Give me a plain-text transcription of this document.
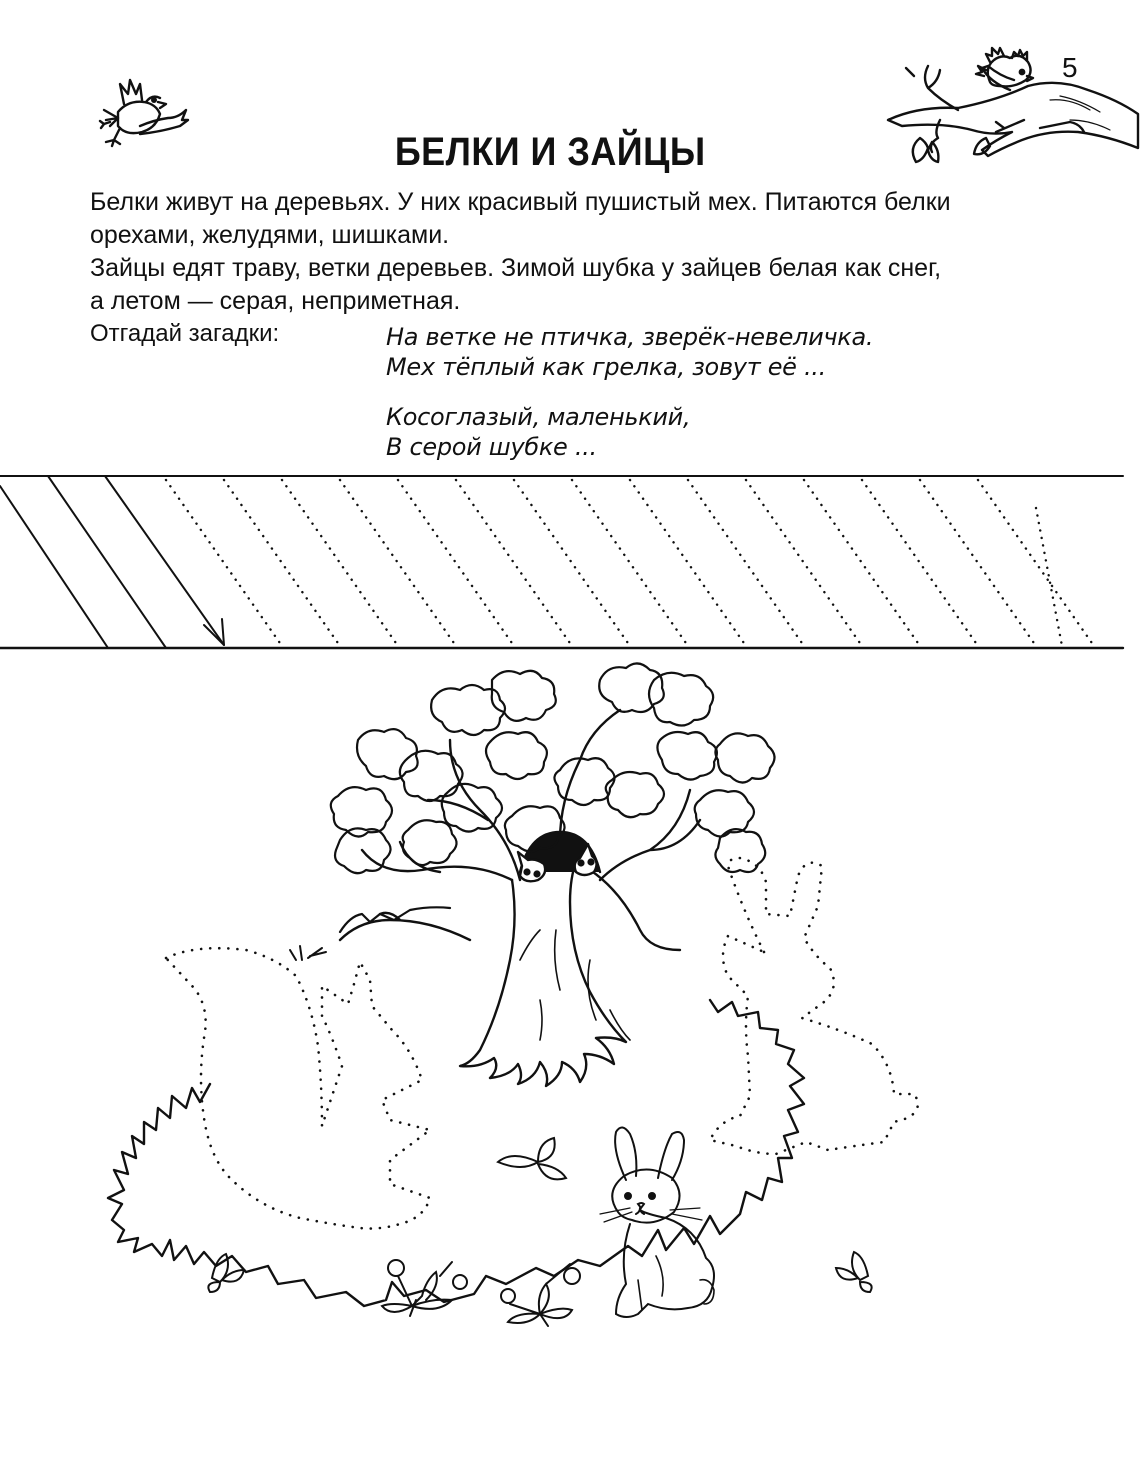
5
БЕЛКИ И ЗАЙЦЫ

Белки живут на деревьях. У них красивый пушистый мех. Питаются белки

орехами, желудями, шишками.

Зайцы едят траву, ветки деревьев. Зимой шубка у зайцев белая как снег,

а летом — серая, неприметная.

Отгадай загадки:	На ветке не птичка, зверёк-невеличка.

Мех тёплый как грелка, зовут её ...

Косоглазый, маленький,

В серой шубке ...
